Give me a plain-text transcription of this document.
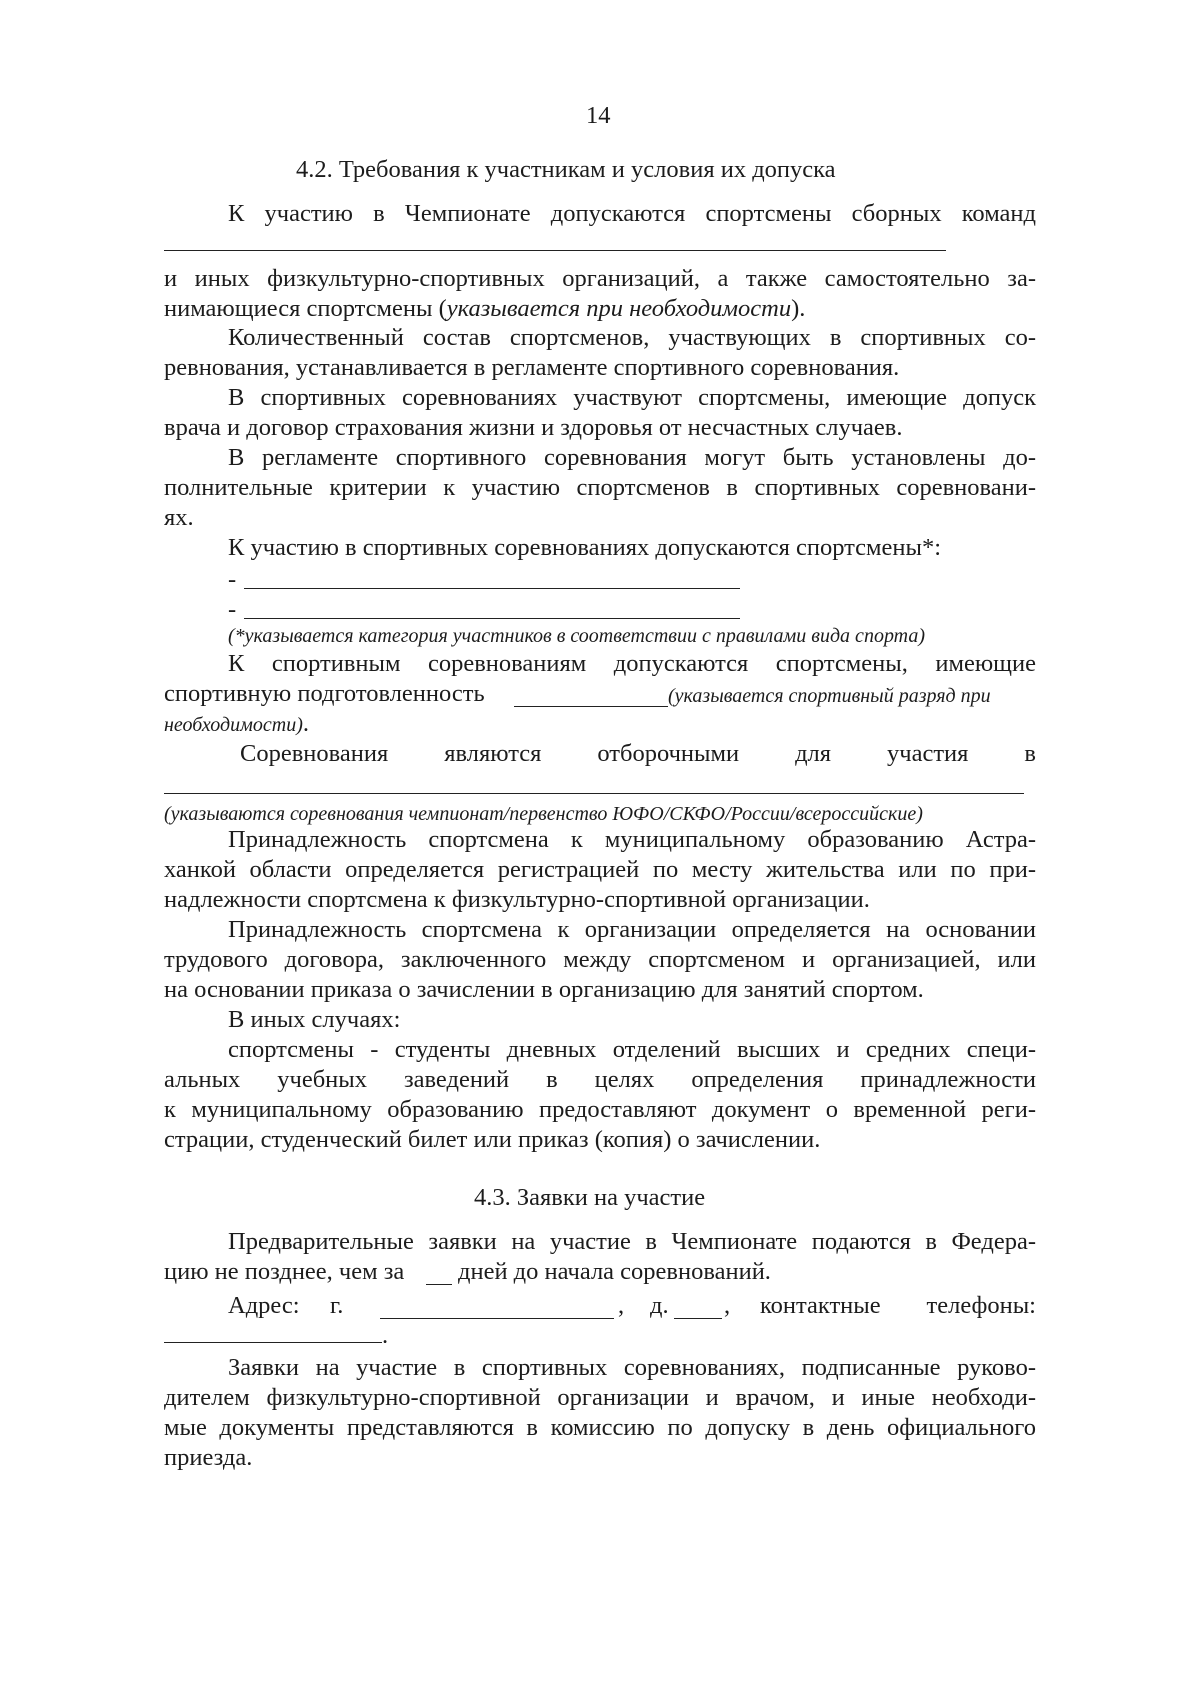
14
4.2. Требования к участникам и условия их допуска
К участию в Чемпионате допускаются спортсмены сборных команд
и иных физкультурно-спортивных организаций, а также самостоятельно за-
нимающиеся спортсмены (указывается при необходимости).
Количественный состав спортсменов, участвующих в спортивных со-
ревнования, устанавливается в регламенте спортивного соревнования.
В спортивных соревнованиях участвуют спортсмены, имеющие допуск
врача и договор страхования жизни и здоровья от несчастных случаев.
В регламенте спортивного соревнования могут быть установлены до-
полнительные критерии к участию спортсменов в спортивных соревновани-
ях.
К участию в спортивных соревнованиях допускаются спортсмены*:
-
-
(*указывается категория участников в соответствии с правилами вида спорта)
К спортивным соревнованиям допускаются спортсмены, имеющие
спортивную подготовленность	(указывается спортивный разряд при
необходимости).
Соревнования являются отборочными для участия в
(указываются соревнования чемпионат/первенство ЮФО/СКФО/России/всероссийские)
Принадлежность спортсмена к муниципальному образованию Астра-
ханкой области определяется регистрацией по месту жительства или по при-
надлежности спортсмена к физкультурно-спортивной организации.
Принадлежность спортсмена к организации определяется на основании
трудового договора, заключенного между спортсменом и организацией, или
на основании приказа о зачислении в организацию для занятий спортом.
В иных случаях:
спортсмены - студенты дневных отделений высших и средних специ-
альных учебных заведений в целях определения принадлежности
к муниципальному образованию предоставляют документ о временной реги-
страции, студенческий билет или приказ (копия) о зачислении.
4.3. Заявки на участие
Предварительные заявки на участие в Чемпионате подаются в Федера-
цию не позднее, чем за дней до начала соревнований.
Адрес: г.	, д. , контактные телефоны:
.
Заявки на участие в спортивных соревнованиях, подписанные руково-
дителем физкультурно-спортивной организации и врачом, и иные необходи-
мые документы представляются в комиссию по допуску в день официального
приезда.
